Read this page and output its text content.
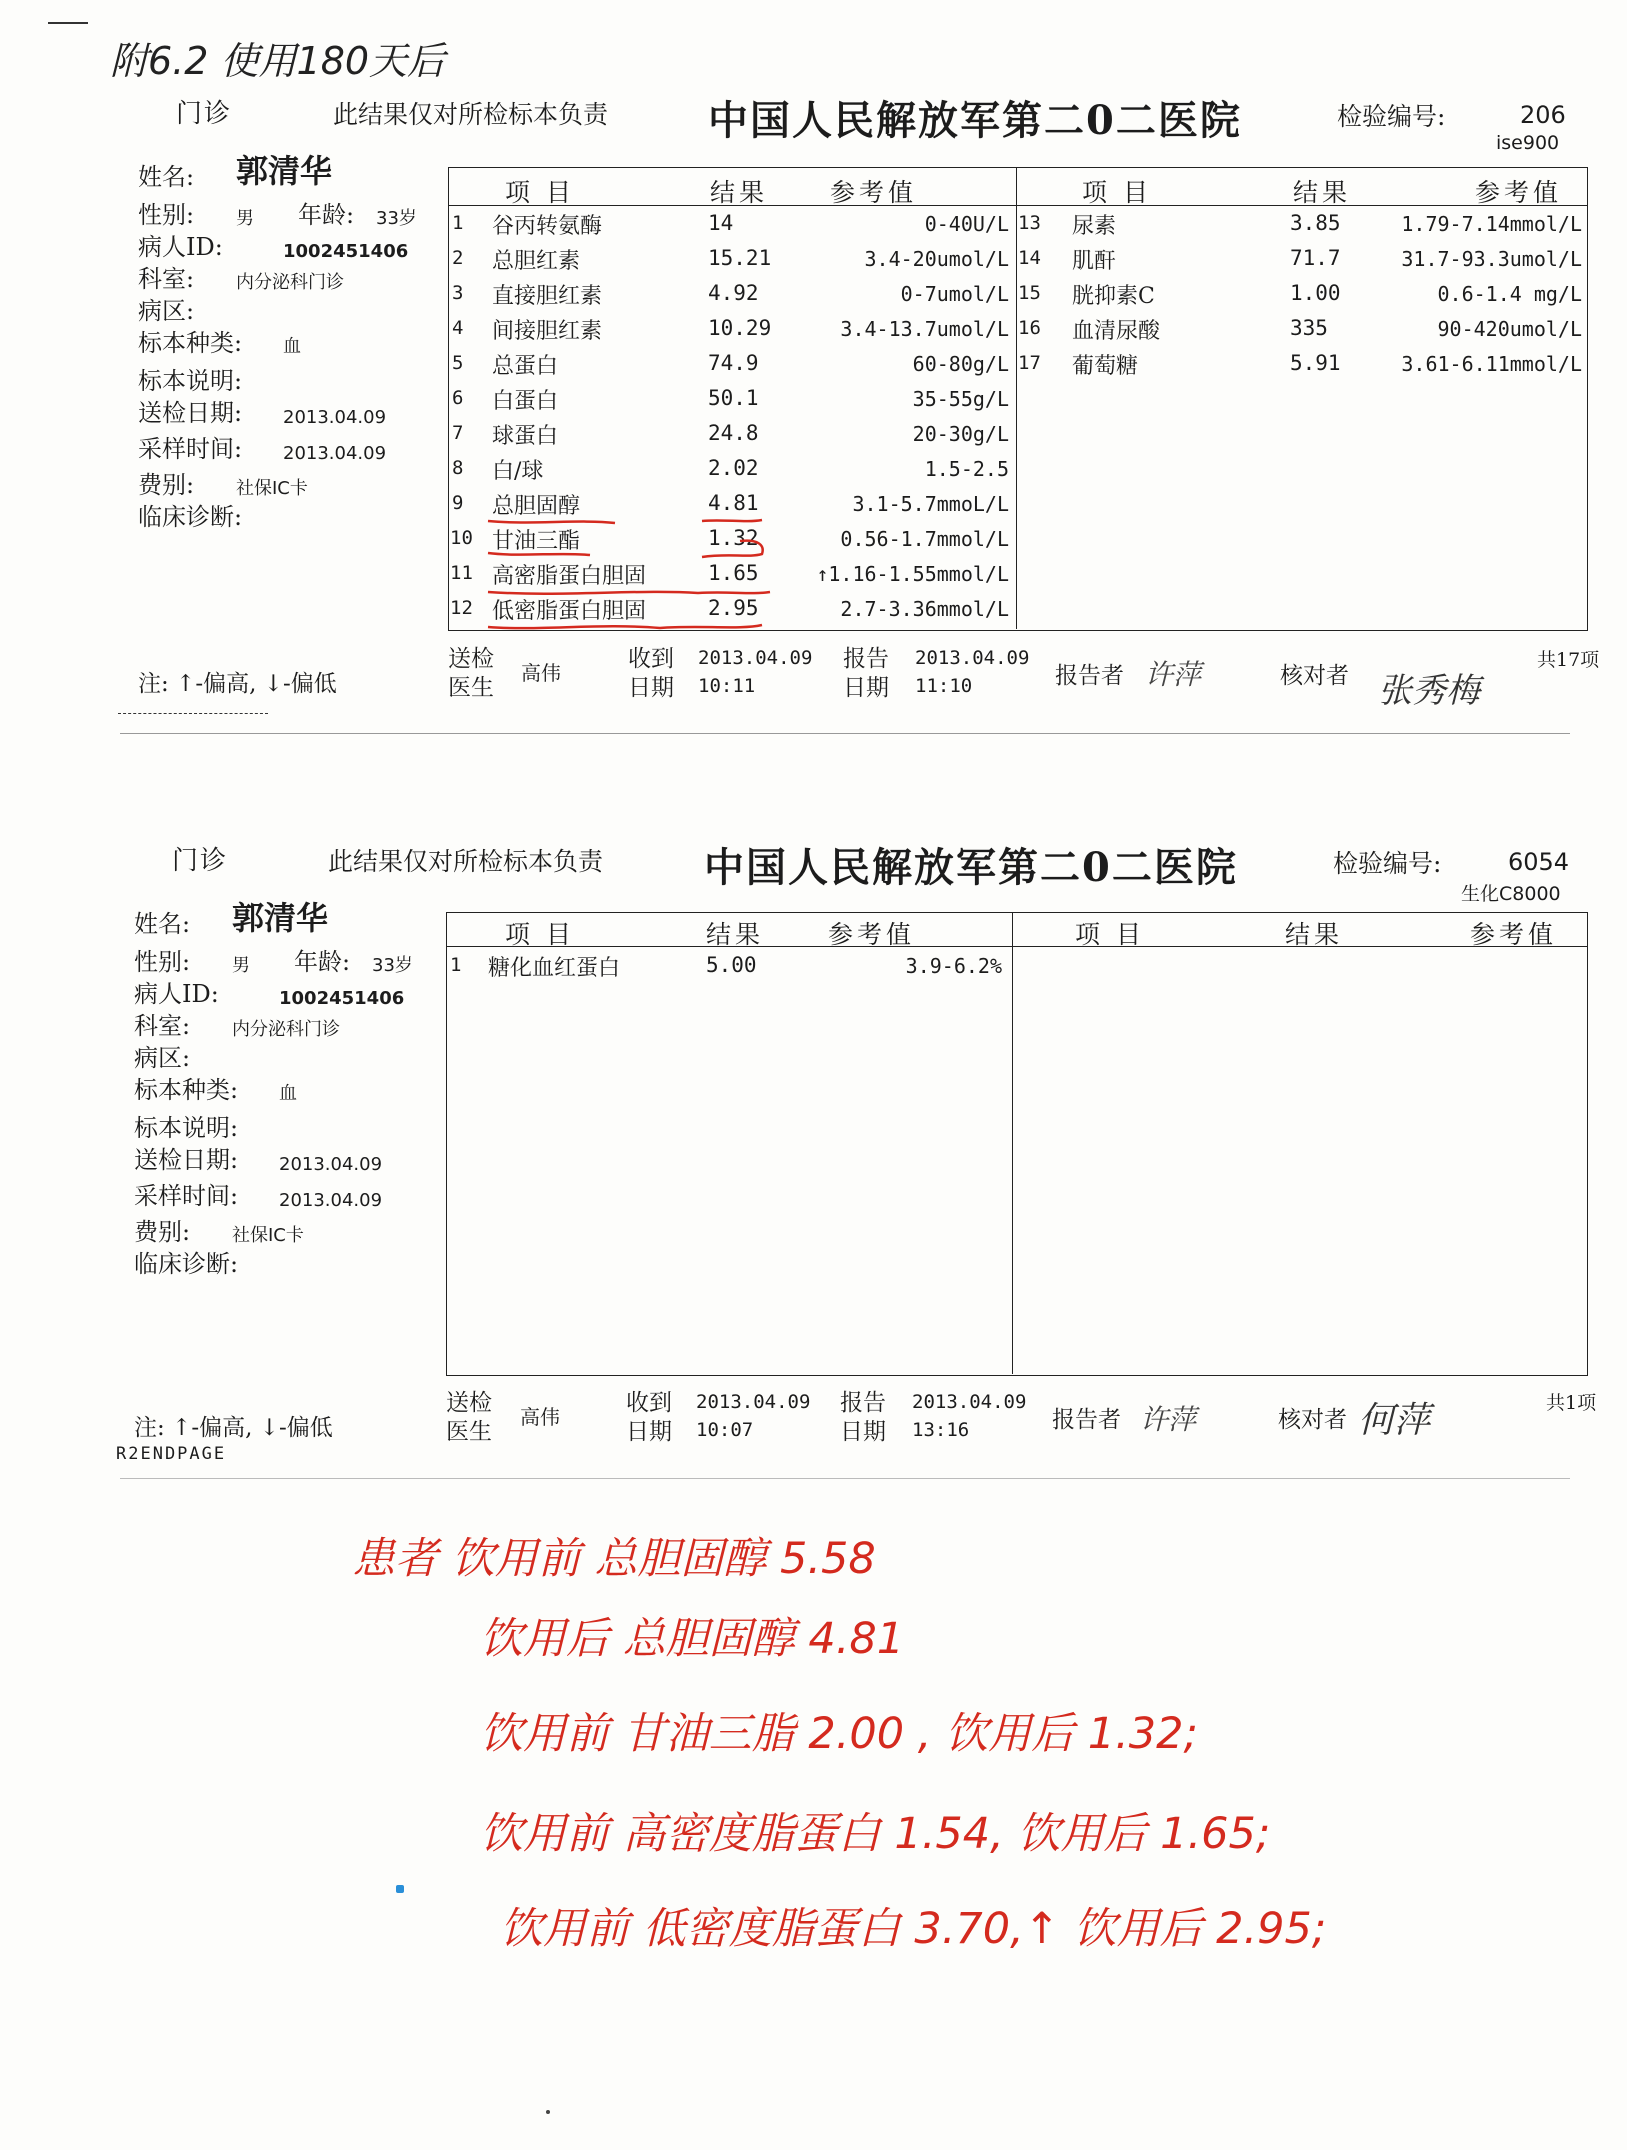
附6.2 使用180天后
门诊	此结果仅对所检标本负责 中国人民解放军第二0二医院	检验编号:	206
ise900
姓名: 郭清华
性别: 男 年龄: 33岁
病人ID:	1002451406
科室: 内分泌科门诊
病区:
标本种类: 血
标本说明:
送检日期: 2013.04.09
采样时间: 2013.04.09
费别: 社保IC卡
临床诊断:
项 目	结果 参考值	项 目	结果	参考值
1 谷丙转氨酶	14	0-40U/L
2 总胆红素	15.21	3.4-20umol/L
3 直接胆红素	4.92	0-7umol/L
4 间接胆红素	10.29	3.4-13.7umol/L
5 总蛋白	74.9	60-80g/L
6 白蛋白	50.1	35-55g/L
7 球蛋白	24.8	20-30g/L
8 白/球	2.02	1.5-2.5
9 总胆固醇	4.81	3.1-5.7mmoL/L
10 甘油三酯	1.32	0.56-1.7mmol/L
11 高密脂蛋白胆固	1.65	↑1.16-1.55mmol/L
12 低密脂蛋白胆固	2.95	2.7-3.36mmol/L
13 尿素	3.85	1.79-7.14mmol/L
14 肌酐	71.7	31.7-93.3umol/L
15 胱抑素C	1.00	0.6-1.4 mg/L
16 血清尿酸	335	90-420umol/L
17 葡萄糖	5.91	3.61-6.11mmol/L
注: ↑-偏高, ↓-偏低
送检
医生
高伟
收到
日期
2013.04.09
10:11
报告
日期
2013.04.09
11:10	报告者 许萍	核对者 张秀梅
共17项
门诊	此结果仅对所检标本负责	中国人民解放军第二0二医院	检验编号:	6054
生化C8000
姓名: 郭清华
性别: 男 年龄: 33岁
病人ID:	1002451406
科室: 内分泌科门诊
病区:
标本种类: 血
标本说明:
送检日期: 2013.04.09
采样时间: 2013.04.09
费别: 社保IC卡
临床诊断:
项 目	结果	参考值	项 目	结果	参考值
1 糖化血红蛋白	5.00	3.9-6.2%
注: ↑-偏高, ↓-偏低
R2ENDPAGE
送检
医生
高伟
收到
日期
2013.04.09
10:07
报告
日期
2013.04.09
13:16	报告者 许萍	核对者 何萍	共1项
患者 饮用前 总胆固醇 5.58
饮用后 总胆固醇 4.81
饮用前 甘油三脂 2.00 , 饮用后 1.32;
饮用前 高密度脂蛋白 1.54, 饮用后 1.65;
饮用前 低密度脂蛋白 3.70,↑ 饮用后 2.95;
